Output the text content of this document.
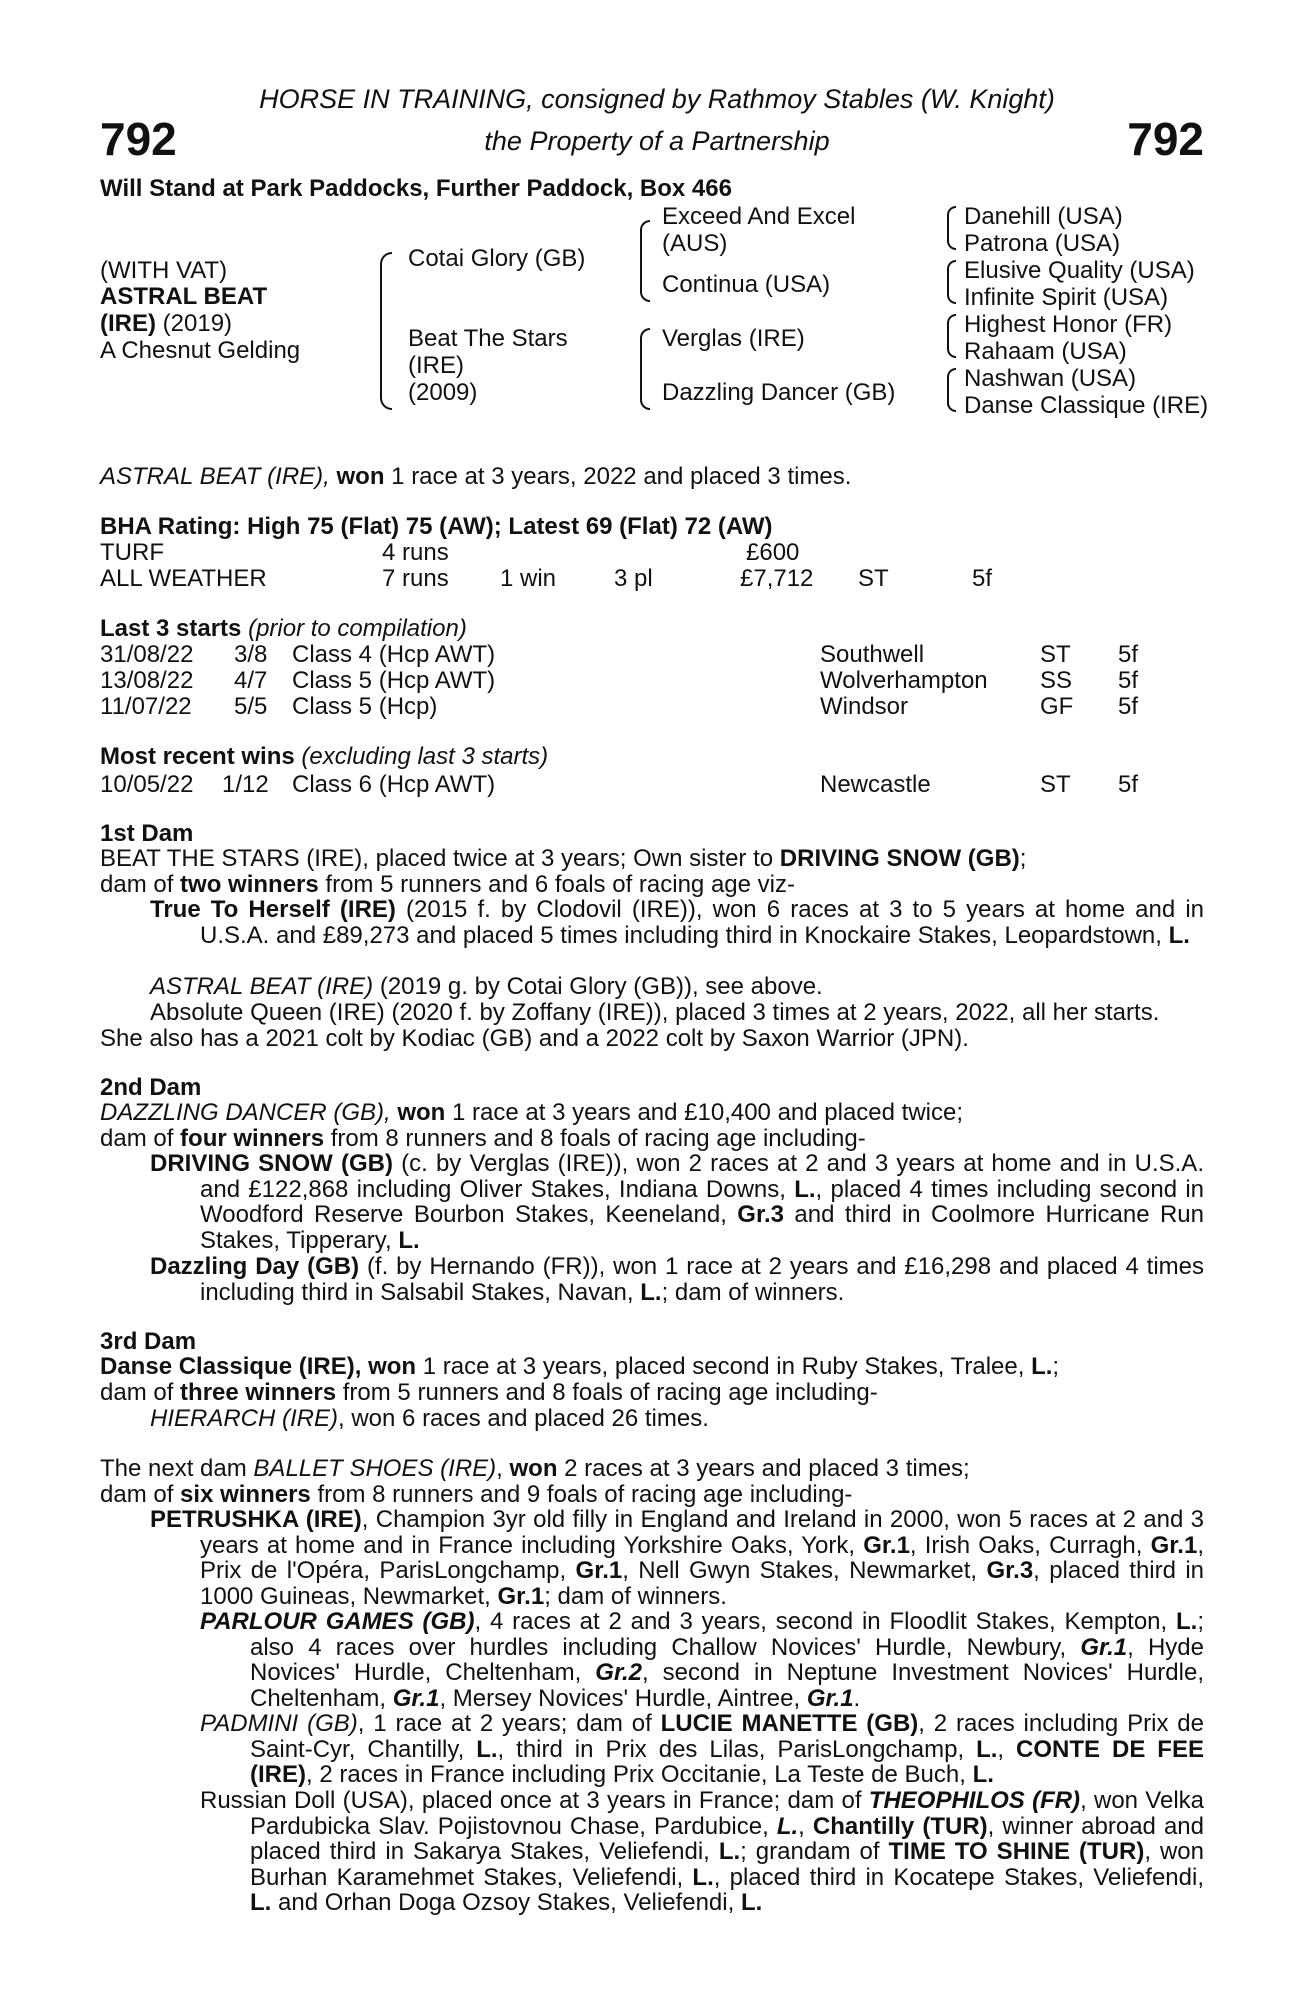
HORSE IN TRAINING, consigned by Rathmoy Stables (W. Knight)
the Property of a Partnership
792	792
Will Stand at Park Paddocks, Further Paddock, Box 466
(WITH VAT)
ASTRAL BEAT
(IRE) (2019)
A Chesnut Gelding
Cotai Glory (GB)
Beat The Stars
(IRE)
(2009)
Exceed And Excel
(AUS)
Continua (USA)
Verglas (IRE)
Dazzling Dancer (GB)
Danehill (USA)
Patrona (USA)
Elusive Quality (USA)
Infinite Spirit (USA)
Highest Honor (FR)
Rahaam (USA)
Nashwan (USA)
Danse Classique (IRE)
ASTRAL BEAT (IRE), won 1 race at 3 years, 2022 and placed 3 times.
BHA Rating: High 75 (Flat) 75 (AW); Latest 69 (Flat) 72 (AW)
TURF	4 runs	£600
ALL WEATHER	7 runs 1 win 3 pl	£7,712 ST	5f
Last 3 starts (prior to compilation)
31/08/22 3/8 Class 4 (Hcp AWT)	Southwell	ST 5f
13/08/22 4/7 Class 5 (Hcp AWT)	Wolverhampton SS 5f
11/07/22 5/5 Class 5 (Hcp)	Windsor	GF 5f
Most recent wins (excluding last 3 starts)
10/05/22 1/12 Class 6 (Hcp AWT)	Newcastle	ST 5f
1st Dam
BEAT THE STARS (IRE), placed twice at 3 years; Own sister to DRIVING SNOW (GB);
dam of two winners from 5 runners and 6 foals of racing age viz-
True To Herself (IRE) (2015 f. by Clodovil (IRE)), won 6 races at 3 to 5 years at home and in U.S.A. and £89,273 and placed 5 times including third in Knockaire Stakes, Leopardstown, L.
ASTRAL BEAT (IRE) (2019 g. by Cotai Glory (GB)), see above.
Absolute Queen (IRE) (2020 f. by Zoffany (IRE)), placed 3 times at 2 years, 2022, all her starts.
She also has a 2021 colt by Kodiac (GB) and a 2022 colt by Saxon Warrior (JPN).
2nd Dam
DAZZLING DANCER (GB), won 1 race at 3 years and £10,400 and placed twice;
dam of four winners from 8 runners and 8 foals of racing age including-
DRIVING SNOW (GB) (c. by Verglas (IRE)), won 2 races at 2 and 3 years at home and in U.S.A. and £122,868 including Oliver Stakes, Indiana Downs, L., placed 4 times including second in Woodford Reserve Bourbon Stakes, Keeneland, Gr.3 and third in Coolmore Hurricane Run Stakes, Tipperary, L.
Dazzling Day (GB) (f. by Hernando (FR)), won 1 race at 2 years and £16,298 and placed 4 times including third in Salsabil Stakes, Navan, L.; dam of winners.
3rd Dam
Danse Classique (IRE), won 1 race at 3 years, placed second in Ruby Stakes, Tralee, L.;
dam of three winners from 5 runners and 8 foals of racing age including-
HIERARCH (IRE), won 6 races and placed 26 times.
The next dam BALLET SHOES (IRE), won 2 races at 3 years and placed 3 times;
dam of six winners from 8 runners and 9 foals of racing age including-
PETRUSHKA (IRE), Champion 3yr old filly in England and Ireland in 2000, won 5 races at 2 and 3 years at home and in France including Yorkshire Oaks, York, Gr.1, Irish Oaks, Curragh, Gr.1, Prix de l'Opéra, ParisLongchamp, Gr.1, Nell Gwyn Stakes, Newmarket, Gr.3, placed third in 1000 Guineas, Newmarket, Gr.1; dam of winners.
PARLOUR GAMES (GB), 4 races at 2 and 3 years, second in Floodlit Stakes, Kempton, L.; also 4 races over hurdles including Challow Novices' Hurdle, Newbury, Gr.1, Hyde Novices' Hurdle, Cheltenham, Gr.2, second in Neptune Investment Novices' Hurdle, Cheltenham, Gr.1, Mersey Novices' Hurdle, Aintree, Gr.1.
PADMINI (GB), 1 race at 2 years; dam of LUCIE MANETTE (GB), 2 races including Prix de Saint-Cyr, Chantilly, L., third in Prix des Lilas, ParisLongchamp, L., CONTE DE FEE (IRE), 2 races in France including Prix Occitanie, La Teste de Buch, L.
Russian Doll (USA), placed once at 3 years in France; dam of THEOPHILOS (FR), won Velka Pardubicka Slav. Pojistovnou Chase, Pardubice, L., Chantilly (TUR), winner abroad and placed third in Sakarya Stakes, Veliefendi, L.; grandam of TIME TO SHINE (TUR), won Burhan Karamehmet Stakes, Veliefendi, L., placed third in Kocatepe Stakes, Veliefendi, L. and Orhan Doga Ozsoy Stakes, Veliefendi, L.
